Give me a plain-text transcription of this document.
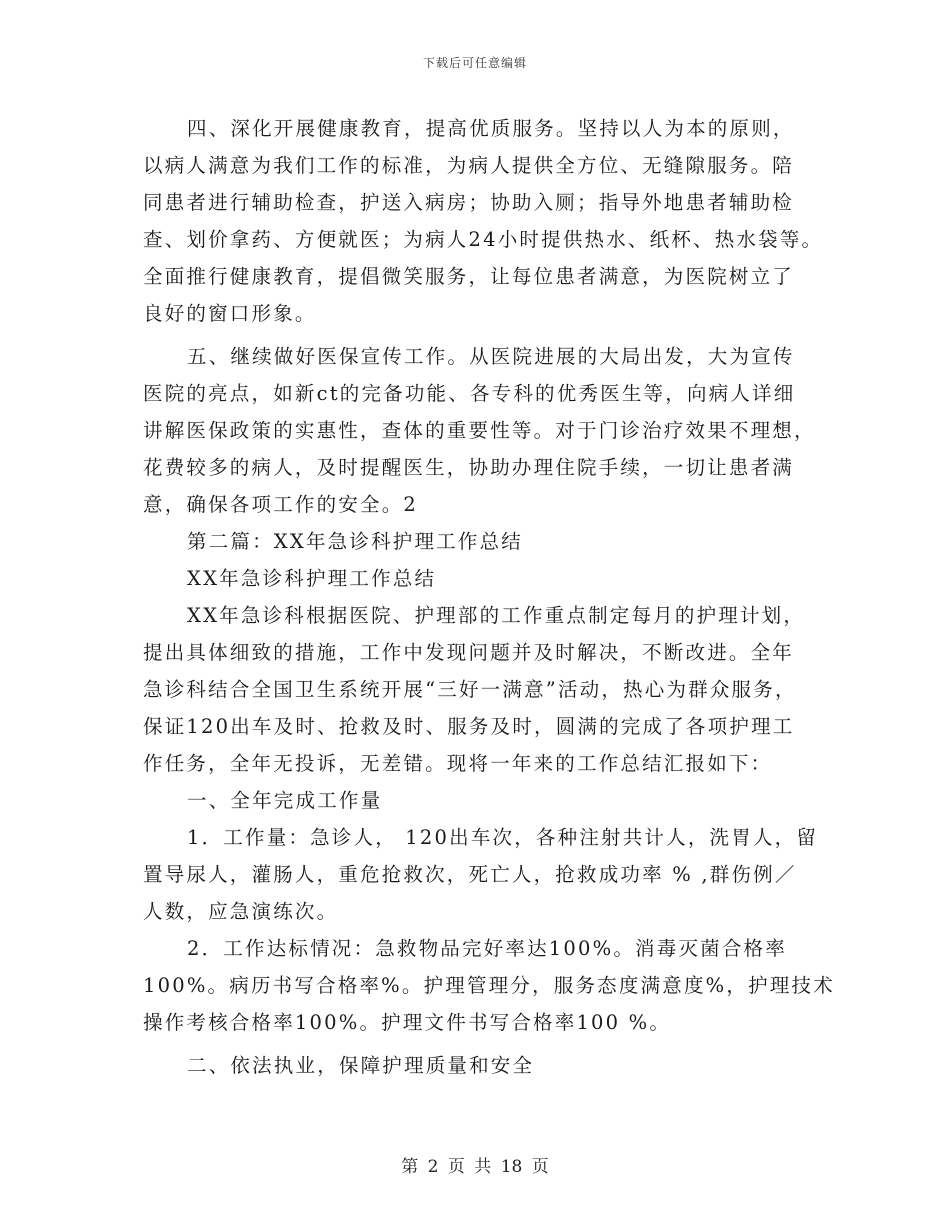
下载后可任意编辑
四、深化开展健康教育，提高优质服务。坚持以人为本的原则，
以病人满意为我们工作的标准，为病人提供全方位、无缝隙服务。陪
同患者进行辅助检查，护送入病房；协助入厕；指导外地患者辅助检
查、划价拿药、方便就医；为病人24小时提供热水、纸杯、热水袋等。
全面推行健康教育，提倡微笑服务，让每位患者满意，为医院树立了
良好的窗口形象。
五、继续做好医保宣传工作。从医院进展的大局出发，大为宣传
医院的亮点，如新ct的完备功能、各专科的优秀医生等，向病人详细
讲解医保政策的实惠性，查体的重要性等。对于门诊治疗效果不理想，
花费较多的病人，及时提醒医生，协助办理住院手续，一切让患者满
意，确保各项工作的安全。2
第二篇：XX年急诊科护理工作总结
XX年急诊科护理工作总结
XX年急诊科根据医院、护理部的工作重点制定每月的护理计划，
提出具体细致的措施，工作中发现问题并及时解决，不断改进。全年
急诊科结合全国卫生系统开展“三好一满意”活动，热心为群众服务，
保证120出车及时、抢救及时、服务及时，圆满的完成了各项护理工
作任务，全年无投诉，无差错。现将一年来的工作总结汇报如下：
一、全年完成工作量
1．工作量：急诊人， 120出车次，各种注射共计人，洗胃人，留
置导尿人，灌肠人，重危抢救次，死亡人，抢救成功率 % ,群伤例／
人数，应急演练次。
2．工作达标情况：急救物品完好率达100%。消毒灭菌合格率
100%。病历书写合格率%。护理管理分，服务态度满意度%，护理技术
操作考核合格率100%。护理文件书写合格率100 %。
二、依法执业，保障护理质量和安全
第 2 页 共 18 页
